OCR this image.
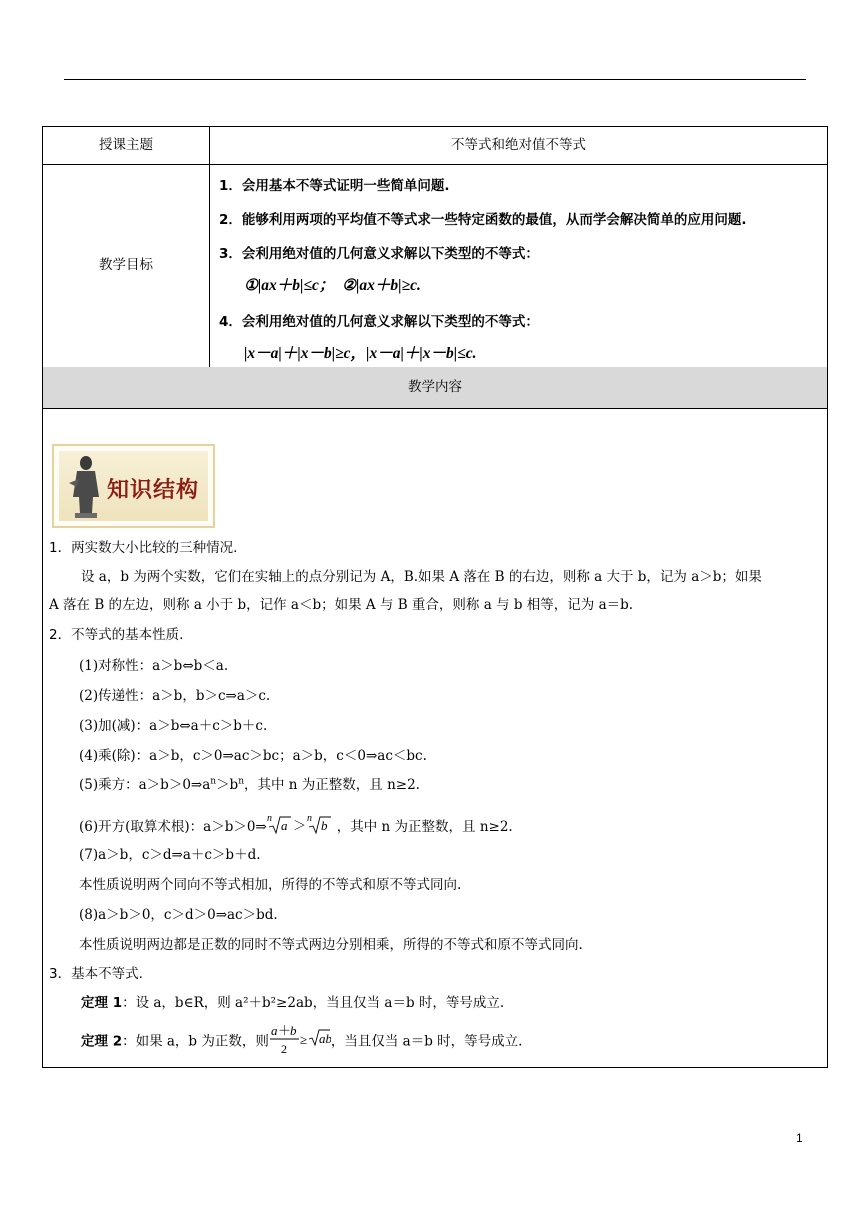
授课主题	不等式和绝对值不等式
教学目标
1．会用基本不等式证明一些简单问题.
2．能够利用两项的平均值不等式求一些特定函数的最值，从而学会解决简单的应用问题.
3．会利用绝对值的几何意义求解以下类型的不等式：
①|ax＋b|≤c；　②|ax＋b|≥c.
4．会利用绝对值的几何意义求解以下类型的不等式：
|x－a|＋|x－b|≥c，|x－a|＋|x－b|≤c.
教学内容
知识结构
1．两实数大小比较的三种情况.
设 a，b 为两个实数，它们在实轴上的点分别记为 A，B.如果 A 落在 B 的右边，则称 a 大于 b，记为 a＞b；如果
A 落在 B 的左边，则称 a 小于 b，记作 a＜b；如果 A 与 B 重合，则称 a 与 b 相等，记为 a＝b.
2．不等式的基本性质.
(1)对称性：a＞b⇔b＜a.
(2)传递性：a＞b，b＞c⇒a＞c.
(3)加(减)：a＞b⇔a＋c＞b＋c.
(4)乘(除)：a＞b，c＞0⇒ac＞bc；a＞b，c＜0⇒ac＜bc.
(5)乘方：$a>b>0\Rightarrow a^n>b^n$，其中 n 为正整数，且 n≥2.
(6)开方(取算术根)：a＞b＞0⇒
n a ＞ n b ，其中 n 为正整数，且 n≥2.
(7)a＞b，c＞d⇒a＋c＞b＋d.
本性质说明两个同向不等式相加，所得的不等式和原不等式同向.
(8)a＞b＞0，c＞d＞0⇒ac＞bd.
本性质说明两边都是正数的同时不等式两边分别相乘，所得的不等式和原不等式同向.
3．基本不等式.
定理 1：设 a，b∈R，则 a²＋b²≥2ab，当且仅当 a＝b 时，等号成立.
定理 2：如果 a，b 为正数，则
a ＋
b
2
≥ ab ，当且仅当 a＝b 时，等号成立.
1
